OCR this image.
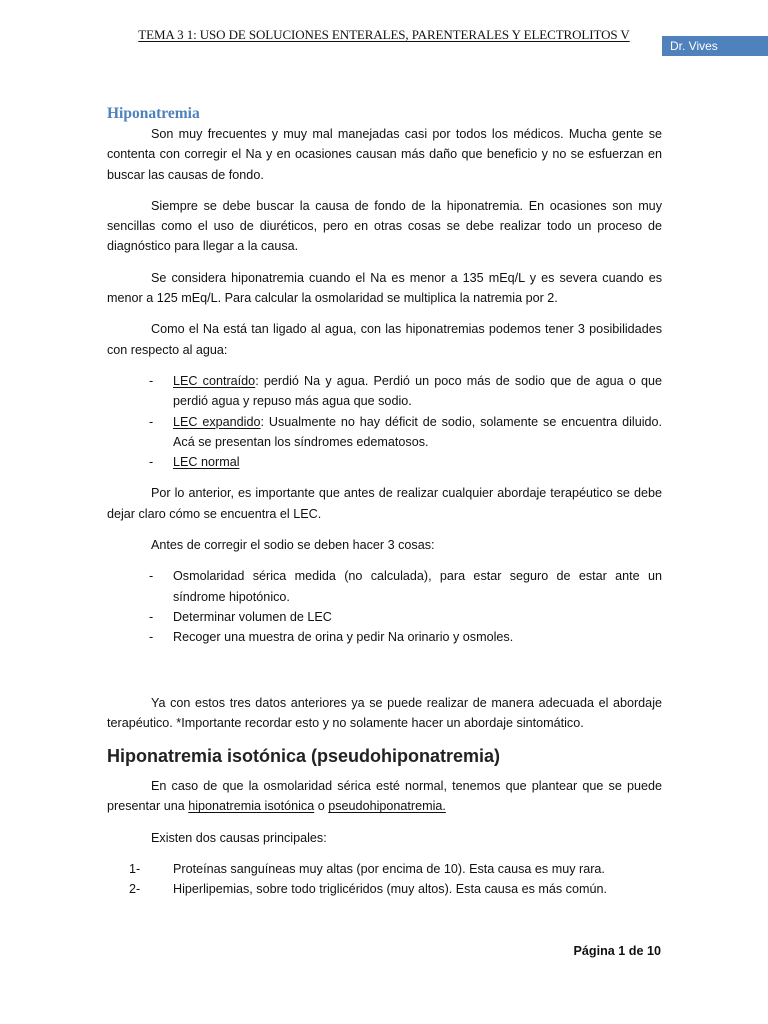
TEMA 3 1: USO DE SOLUCIONES ENTERALES, PARENTERALES Y ELECTROLITOS V
Dr. Vives
Hiponatremia

Son muy frecuentes y muy mal manejadas casi por todos los médicos. Mucha gente se contenta con corregir el Na y en ocasiones causan más daño que beneficio y no se esfuerzan en buscar las causas de fondo.

Siempre se debe buscar la causa de fondo de la hiponatremia. En ocasiones son muy sencillas como el uso de diuréticos, pero en otras cosas se debe realizar todo un proceso de diagnóstico para llegar a la causa.

Se considera hiponatremia cuando el Na es menor a 135 mEq/L y es severa cuando es menor a 125 mEq/L. Para calcular la osmolaridad se multiplica la natremia por 2.

Como el Na está tan ligado al agua, con las hiponatremias podemos tener 3 posibilidades con respecto al agua:

- LEC contraído: perdió Na y agua. Perdió un poco más de sodio que de agua o que perdió agua y repuso más agua que sodio.
- LEC expandido: Usualmente no hay déficit de sodio, solamente se encuentra diluido. Acá se presentan los síndromes edematosos.
- LEC normal

Por lo anterior, es importante que antes de realizar cualquier abordaje terapéutico se debe dejar claro cómo se encuentra el LEC.

Antes de corregir el sodio se deben hacer 3 cosas:

- Osmolaridad sérica medida (no calculada), para estar seguro de estar ante un síndrome hipotónico.
- Determinar volumen de LEC
- Recoger una muestra de orina y pedir Na orinario y osmoles.

Ya con estos tres datos anteriores ya se puede realizar de manera adecuada el abordaje terapéutico. *Importante recordar esto y no solamente hacer un abordaje sintomático.

Hiponatremia isotónica (pseudohiponatremia)

En caso de que la osmolaridad sérica esté normal, tenemos que plantear que se puede presentar una hiponatremia isotónica o pseudohiponatremia.

Existen dos causas principales:

1-	Proteínas sanguíneas muy altas (por encima de 10). Esta causa es muy rara.
2-	Hiperlipemias, sobre todo triglicéridos (muy altos). Esta causa es más común.
Página 1 de 10
